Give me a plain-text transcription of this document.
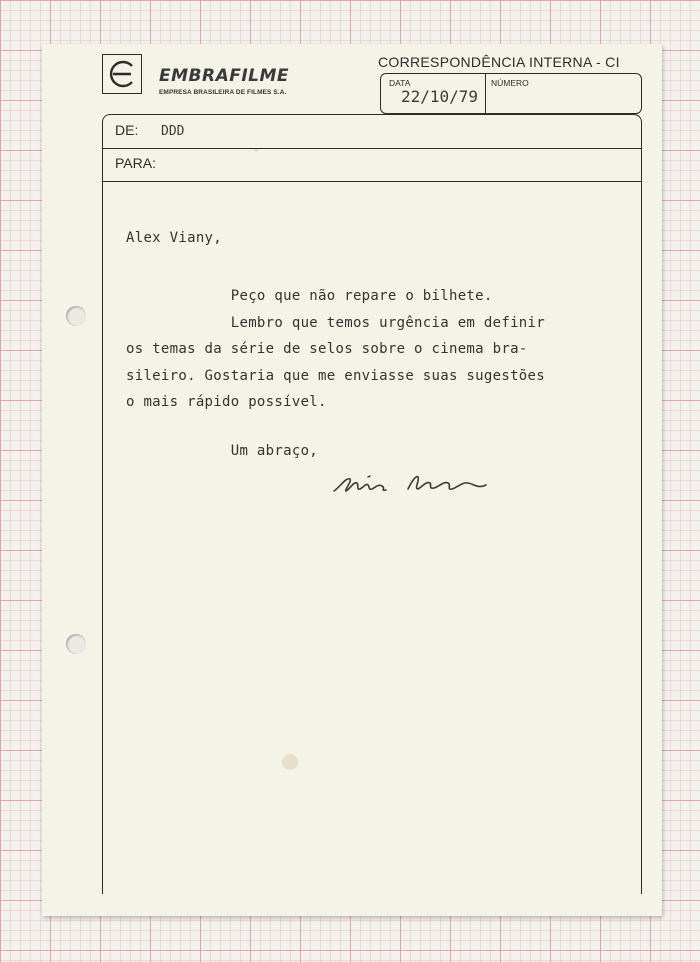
EMBRAFILME
EMPRESA BRASILEIRA DE FILMES S.A.
CORRESPONDÊNCIA INTERNA - CI
DATA
22/10/79
NÚMERO
DE: DDD
PARA:
Alex Viany,
Peço que não repare o bilhete.
Lembro que temos urgência em definir
os temas da série de selos sobre o cinema bra-
sileiro. Gostaria que me enviasse suas sugestões
o mais rápido possível.
Um abraço,
